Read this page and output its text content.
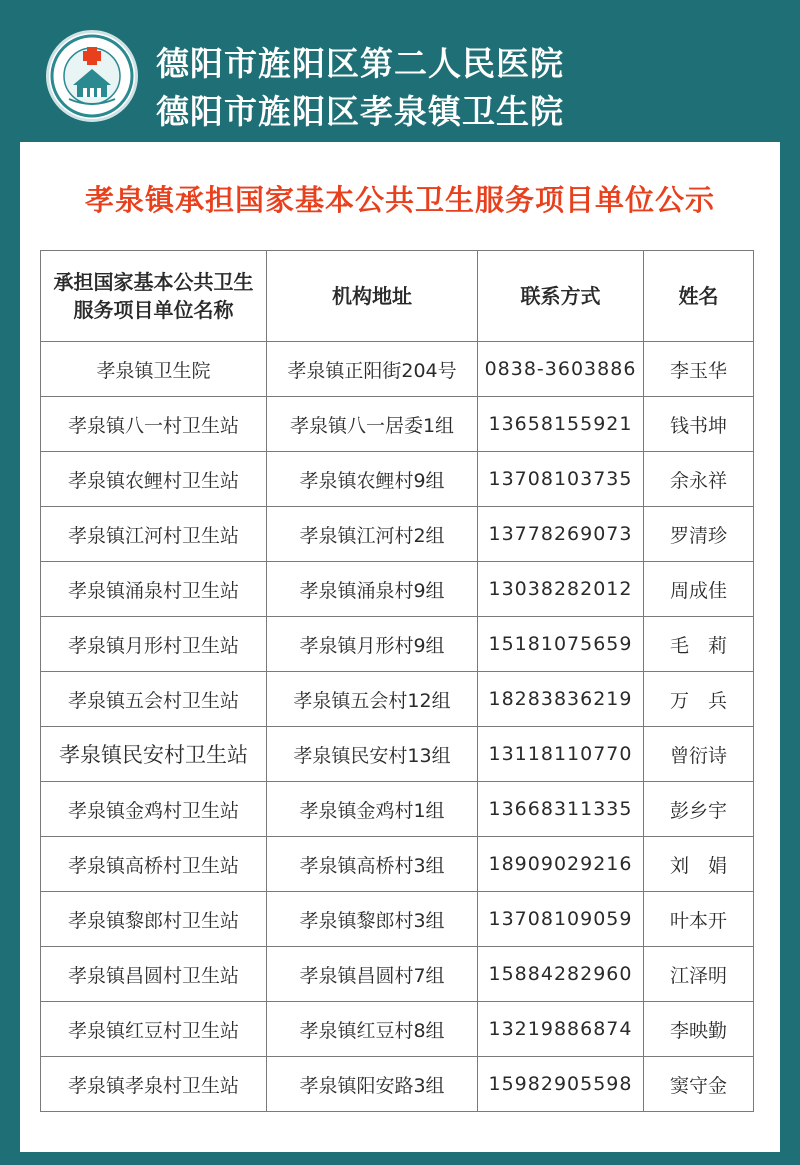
德阳市旌阳区第二人民医院
德阳市旌阳区孝泉镇卫生院
孝泉镇承担国家基本公共卫生服务项目单位公示
承担国家基本公共卫生服务项目单位名称	机构地址	联系方式	姓名
孝泉镇卫生院	孝泉镇正阳街204号	0838-3603886	李玉华
孝泉镇八一村卫生站	孝泉镇八一居委1组	13658155921	钱书坤
孝泉镇农鲤村卫生站	孝泉镇农鲤村9组	13708103735	余永祥
孝泉镇江河村卫生站	孝泉镇江河村2组	13778269073	罗清珍
孝泉镇涌泉村卫生站	孝泉镇涌泉村9组	13038282012	周成佳
孝泉镇月形村卫生站	孝泉镇月形村9组	15181075659	毛　莉
孝泉镇五会村卫生站	孝泉镇五会村12组	18283836219	万　兵
孝泉镇民安村卫生站	孝泉镇民安村13组	13118110770	曾衍诗
孝泉镇金鸡村卫生站	孝泉镇金鸡村1组	13668311335	彭乡宇
孝泉镇高桥村卫生站	孝泉镇高桥村3组	18909029216	刘　娟
孝泉镇黎郎村卫生站	孝泉镇黎郎村3组	13708109059	叶本开
孝泉镇昌圆村卫生站	孝泉镇昌圆村7组	15884282960	江泽明
孝泉镇红豆村卫生站	孝泉镇红豆村8组	13219886874	李映勤
孝泉镇孝泉村卫生站	孝泉镇阳安路3组	15982905598	窦守金
